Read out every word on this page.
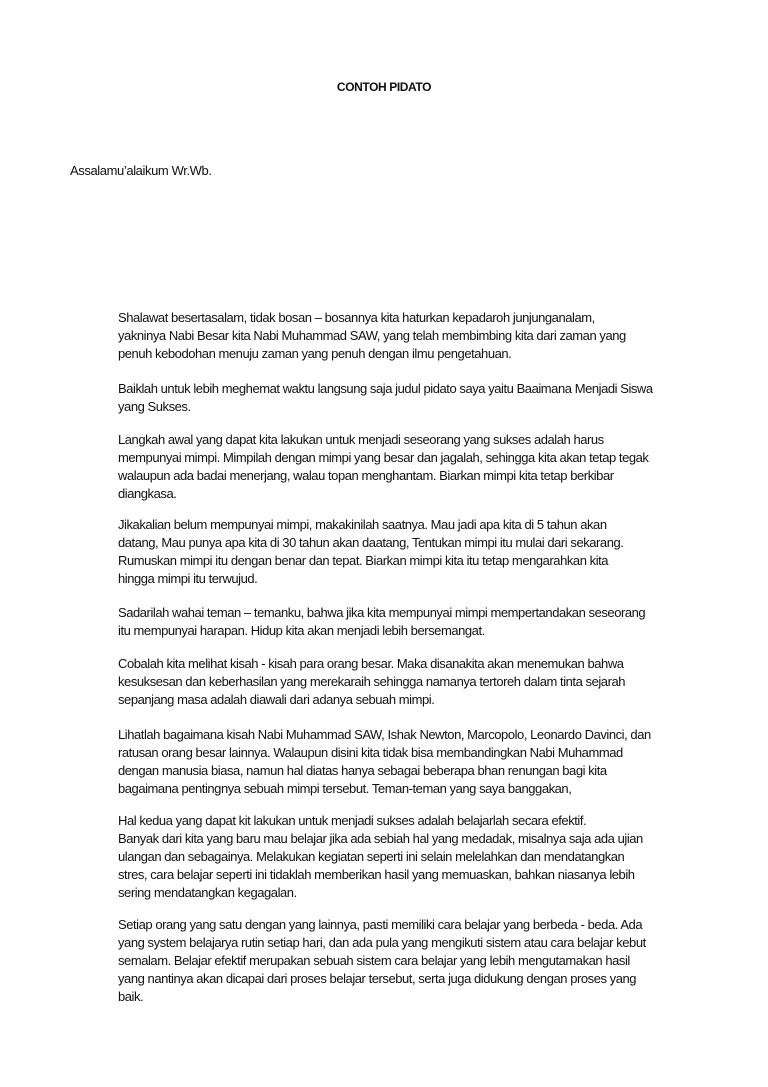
CONTOH PIDATO
Assalamu’alaikum Wr.Wb.
Shalawat besertasalam, tidak bosan – bosannya kita haturkan kepadaroh junjunganalam,
yakninya Nabi Besar kita Nabi Muhammad SAW, yang telah membimbing kita dari zaman yang
penuh kebodohan menuju zaman yang penuh dengan ilmu pengetahuan.
Baiklah untuk lebih meghemat waktu langsung saja judul pidato saya yaitu Baaimana Menjadi Siswa
yang Sukses.
Langkah awal yang dapat kita lakukan untuk menjadi seseorang yang sukses adalah harus
mempunyai mimpi. Mimpilah dengan mimpi yang besar dan jagalah, sehingga kita akan tetap tegak
walaupun ada badai menerjang, walau topan menghantam. Biarkan mimpi kita tetap berkibar
diangkasa.
Jikakalian belum mempunyai mimpi, makakinilah saatnya. Mau jadi apa kita di 5 tahun akan
datang, Mau punya apa kita di 30 tahun akan daatang, Tentukan mimpi itu mulai dari sekarang.
Rumuskan mimpi itu dengan benar dan tepat. Biarkan mimpi kita itu tetap mengarahkan kita
hingga mimpi itu terwujud.
Sadarilah wahai teman – temanku, bahwa jika kita mempunyai mimpi mempertandakan seseorang
itu mempunyai harapan. Hidup kita akan menjadi lebih bersemangat.
Cobalah kita melihat kisah - kisah para orang besar. Maka disanakita akan menemukan bahwa
kesuksesan dan keberhasilan yang merekaraih sehingga namanya tertoreh dalam tinta sejarah
sepanjang masa adalah diawali dari adanya sebuah mimpi.
Lihatlah bagaimana kisah Nabi Muhammad SAW, Ishak Newton, Marcopolo, Leonardo Davinci, dan
ratusan orang besar lainnya. Walaupun disini kita tidak bisa membandingkan Nabi Muhammad
dengan manusia biasa, namun hal diatas hanya sebagai beberapa bhan renungan bagi kita
bagaimana pentingnya sebuah mimpi tersebut. Teman-teman yang saya banggakan,
Hal kedua yang dapat kit lakukan untuk menjadi sukses adalah belajarlah secara efektif.
Banyak dari kita yang baru mau belajar jika ada sebiah hal yang medadak, misalnya saja ada ujian
ulangan dan sebagainya. Melakukan kegiatan seperti ini selain melelahkan dan mendatangkan
stres, cara belajar seperti ini tidaklah memberikan hasil yang memuaskan, bahkan niasanya lebih
sering mendatangkan kegagalan.
Setiap orang yang satu dengan yang lainnya, pasti memiliki cara belajar yang berbeda - beda. Ada
yang system belajarya rutin setiap hari, dan ada pula yang mengikuti sistem atau cara belajar kebut
semalam. Belajar efektif merupakan sebuah sistem cara belajar yang lebih mengutamakan hasil
yang nantinya akan dicapai dari proses belajar tersebut, serta juga didukung dengan proses yang
baik.
